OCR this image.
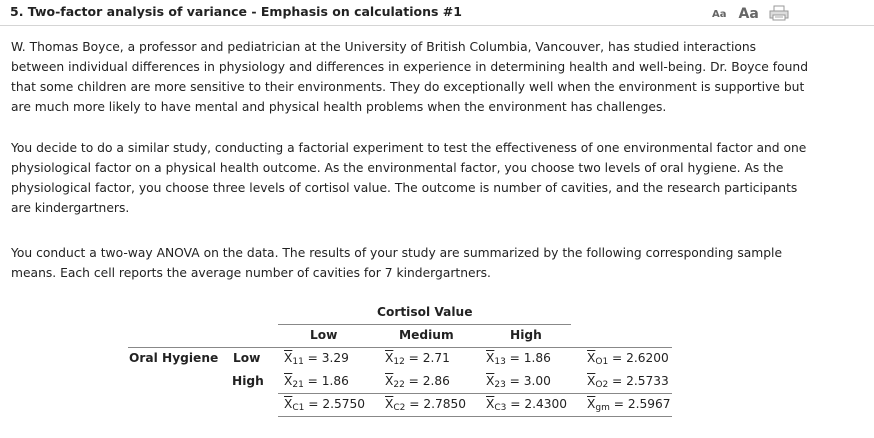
5. Two-factor analysis of variance - Emphasis on calculations #1	Aa Aa
W. Thomas Boyce, a professor and pediatrician at the University of British Columbia, Vancouver, has studied interactions between individual differences in physiology and differences in experience in determining health and well-being. Dr. Boyce found that some children are more sensitive to their environments. They do exceptionally well when the environment is supportive but are much more likely to have mental and physical health problems when the environment has challenges.
You decide to do a similar study, conducting a factorial experiment to test the effectiveness of one environmental factor and one physiological factor on a physical health outcome. As the environmental factor, you choose two levels of oral hygiene. As the physiological factor, you choose three levels of cortisol value. The outcome is number of cavities, and the research participants are kindergartners.
You conduct a two-way ANOVA on the data. The results of your study are summarized by the following corresponding sample means. Each cell reports the average number of cavities for 7 kindergartners.
Cortisol Value
Low	Medium	High
Oral Hygiene Low $\overline{X}_{11} = 3.29$	$\overline{X}_{12} = 2.71$	$\overline{X}_{13} = 1.86$	$\overline{X}_{O1} = 2.6200$
High $\overline{X}_{21} = 1.86$	$\overline{X}_{22} = 2.86$	$\overline{X}_{23} = 3.00$	$\overline{X}_{O2} = 2.5733$
$\overline{X}_{C1} = 2.5750$ $\overline{X}_{C2} = 2.7850$ $\overline{X}_{C3} = 2.4300$ $\overline{X}_{gm} = 2.5967$
